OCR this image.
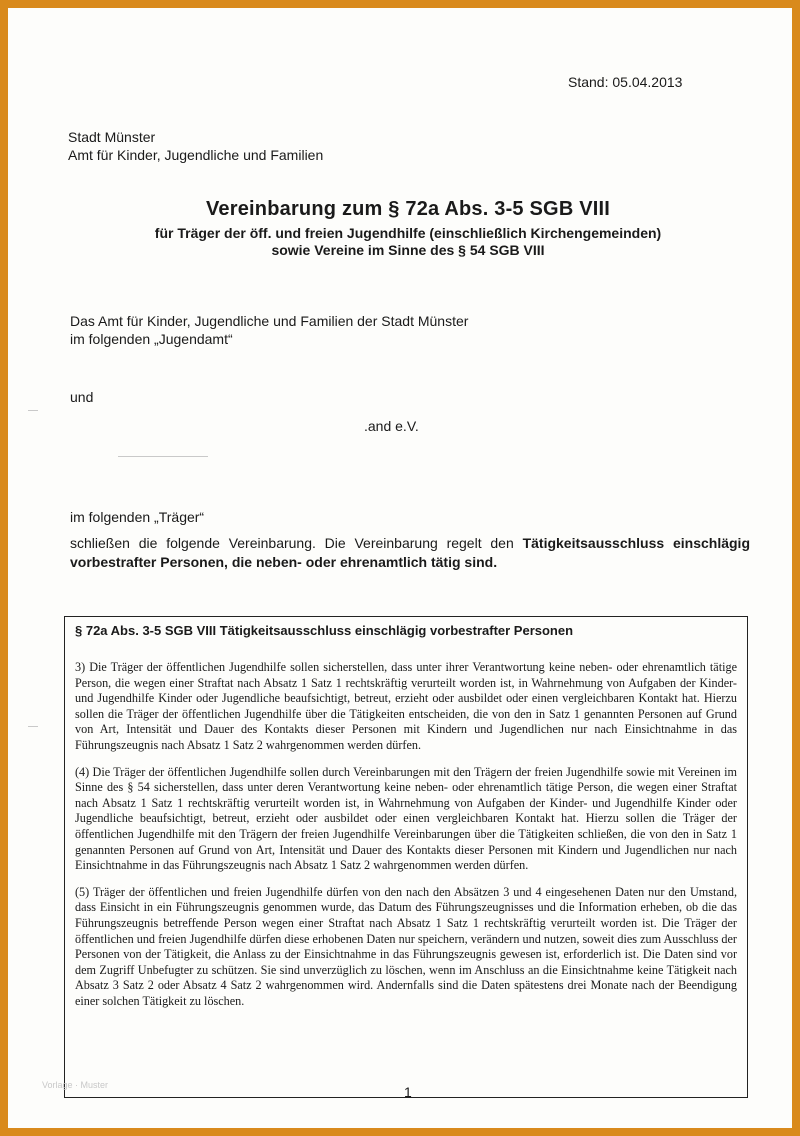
Stand: 05.04.2013
Stadt Münster
Amt für Kinder, Jugendliche und Familien
Vereinbarung zum § 72a Abs. 3-5 SGB VIII
für Träger der öff. und freien Jugendhilfe (einschließlich Kirchengemeinden)
sowie Vereine im Sinne des § 54 SGB VIII
Das Amt für Kinder, Jugendliche und Familien der Stadt Münster
im folgenden „Jugendamt“
und
.and e.V.
im folgenden „Träger“
schließen die folgende Vereinbarung. Die Vereinbarung regelt den Tätigkeitsausschluss einschlägig vorbestrafter Personen, die neben- oder ehrenamtlich tätig sind.
§ 72a Abs. 3-5 SGB VIII Tätigkeitsausschluss einschlägig vorbestrafter Personen

3) Die Träger der öffentlichen Jugendhilfe sollen sicherstellen, dass unter ihrer Verantwortung keine neben- oder ehrenamtlich tätige Person, die wegen einer Straftat nach Absatz 1 Satz 1 rechtskräftig verurteilt worden ist, in Wahrnehmung von Aufgaben der Kinder- und Jugendhilfe Kinder oder Jugendliche beaufsichtigt, betreut, erzieht oder ausbildet oder einen vergleichbaren Kontakt hat. Hierzu sollen die Träger der öffentlichen Jugendhilfe über die Tätigkeiten entscheiden, die von den in Satz 1 genannten Personen auf Grund von Art, Intensität und Dauer des Kontakts dieser Personen mit Kindern und Jugendlichen nur nach Einsichtnahme in das Führungszeugnis nach Absatz 1 Satz 2 wahrgenommen werden dürfen.

(4) Die Träger der öffentlichen Jugendhilfe sollen durch Vereinbarungen mit den Trägern der freien Jugendhilfe sowie mit Vereinen im Sinne des § 54 sicherstellen, dass unter deren Verantwortung keine neben- oder ehrenamtlich tätige Person, die wegen einer Straftat nach Absatz 1 Satz 1 rechtskräftig verurteilt worden ist, in Wahrnehmung von Aufgaben der Kinder- und Jugendhilfe Kinder oder Jugendliche beaufsichtigt, betreut, erzieht oder ausbildet oder einen vergleichbaren Kontakt hat. Hierzu sollen die Träger der öffentlichen Jugendhilfe mit den Trägern der freien Jugendhilfe Vereinbarungen über die Tätigkeiten schließen, die von den in Satz 1 genannten Personen auf Grund von Art, Intensität und Dauer des Kontakts dieser Personen mit Kindern und Jugendlichen nur nach Einsichtnahme in das Führungszeugnis nach Absatz 1 Satz 2 wahrgenommen werden dürfen.

(5) Träger der öffentlichen und freien Jugendhilfe dürfen von den nach den Absätzen 3 und 4 eingesehenen Daten nur den Umstand, dass Einsicht in ein Führungszeugnis genommen wurde, das Datum des Führungszeugnisses und die Information erheben, ob die das Führungszeugnis betreffende Person wegen einer Straftat nach Absatz 1 Satz 1 rechtskräftig verurteilt worden ist. Die Träger der öffentlichen und freien Jugendhilfe dürfen diese erhobenen Daten nur speichern, verändern und nutzen, soweit dies zum Ausschluss der Personen von der Tätigkeit, die Anlass zu der Einsichtnahme in das Führungszeugnis gewesen ist, erforderlich ist. Die Daten sind vor dem Zugriff Unbefugter zu schützen. Sie sind unverzüglich zu löschen, wenn im Anschluss an die Einsichtnahme keine Tätigkeit nach Absatz 3 Satz 2 oder Absatz 4 Satz 2 wahrgenommen wird. Andernfalls sind die Daten spätestens drei Monate nach der Beendigung einer solchen Tätigkeit zu löschen.

Vorlage · Muster	1
